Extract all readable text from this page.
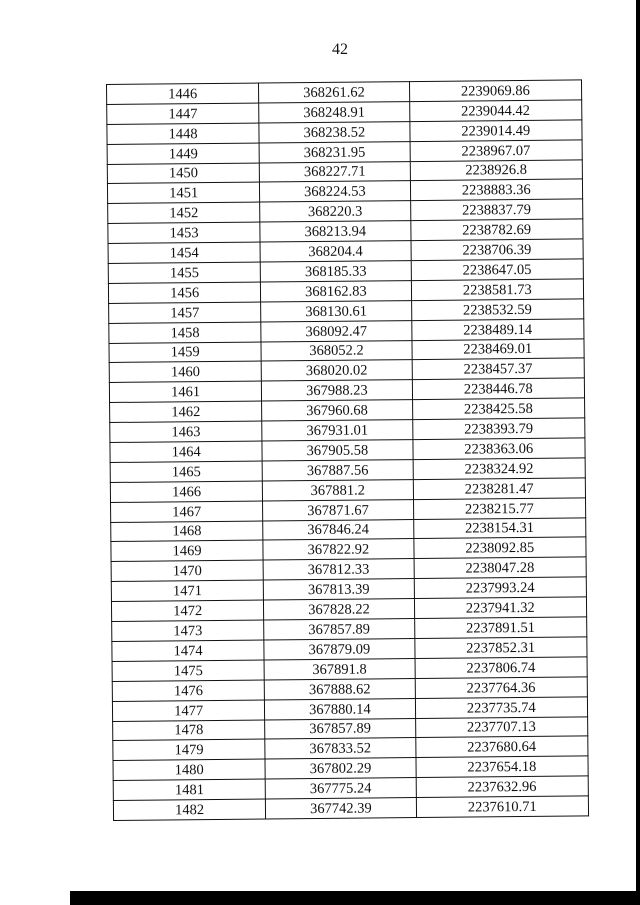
42
1446	368261.62	2239069.86
1447	368248.91	2239044.42
1448	368238.52	2239014.49
1449	368231.95	2238967.07
1450	368227.71	2238926.8
1451	368224.53	2238883.36
1452	368220.3	2238837.79
1453	368213.94	2238782.69
1454	368204.4	2238706.39
1455	368185.33	2238647.05
1456	368162.83	2238581.73
1457	368130.61	2238532.59
1458	368092.47	2238489.14
1459	368052.2	2238469.01
1460	368020.02	2238457.37
1461	367988.23	2238446.78
1462	367960.68	2238425.58
1463	367931.01	2238393.79
1464	367905.58	2238363.06
1465	367887.56	2238324.92
1466	367881.2	2238281.47
1467	367871.67	2238215.77
1468	367846.24	2238154.31
1469	367822.92	2238092.85
1470	367812.33	2238047.28
1471	367813.39	2237993.24
1472	367828.22	2237941.32
1473	367857.89	2237891.51
1474	367879.09	2237852.31
1475	367891.8	2237806.74
1476	367888.62	2237764.36
1477	367880.14	2237735.74
1478	367857.89	2237707.13
1479	367833.52	2237680.64
1480	367802.29	2237654.18
1481	367775.24	2237632.96
1482	367742.39	2237610.71
